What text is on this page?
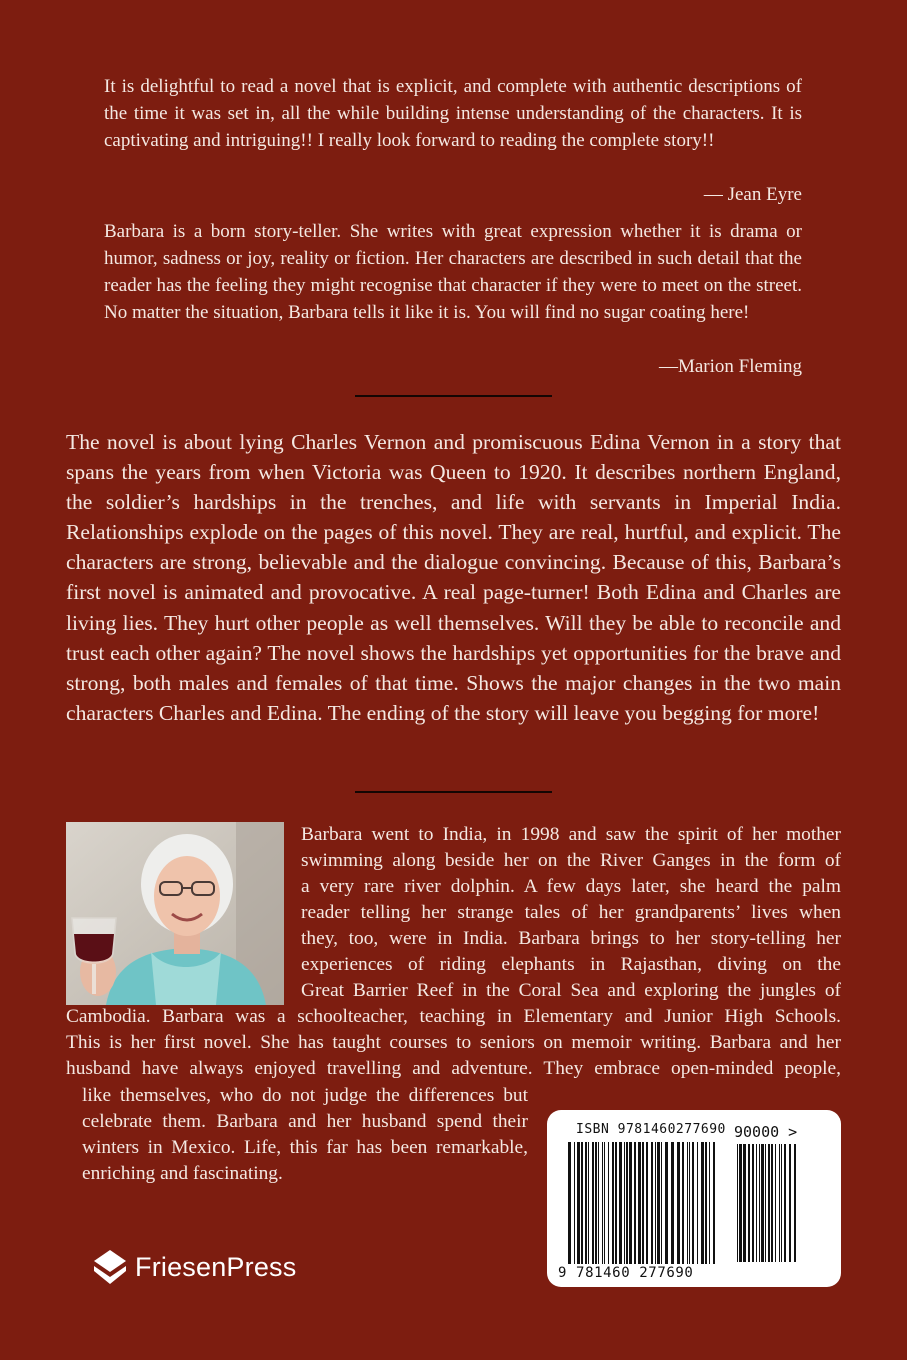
It is delightful to read a novel that is explicit, and complete with authentic descriptions of the time it was set in, all the while building intense understanding of the characters. It is captivating and intriguing!! I really look forward to reading the complete story!!

— Jean Eyre

Barbara is a born story-teller. She writes with great expression whether it is drama or humor, sadness or joy, reality or fiction. Her characters are described in such detail that the reader has the feeling they might recognise that character if they were to meet on the street. No matter the situation, Barbara tells it like it is. You will find no sugar coating here!

—Marion Fleming

The novel is about lying Charles Vernon and promiscuous Edina Vernon in a story that spans the years from when Victoria was Queen to 1920. It describes northern England, the soldier’s hardships in the trenches, and life with servants in Imperial India. Relationships explode on the pages of this novel. They are real, hurtful, and explicit. The characters are strong, believable and the dialogue convincing. Because of this, Barbara’s first novel is animated and provocative. A real page-turner! Both Edina and Charles are living lies. They hurt other people as well themselves. Will they be able to reconcile and trust each other again? The novel shows the hardships yet opportunities for the brave and strong, both males and females of that time. Shows the major changes in the two main characters Charles and Edina. The ending of the story will leave you begging for more!

Barbara went to India, in 1998 and saw the spirit of her mother

swimming along beside her on the River Ganges in the form of

a very rare river dolphin. A few days later, she heard the palm

reader telling her strange tales of her grandparents’ lives when

they, too, were in India. Barbara brings to her story-telling her

experiences of riding elephants in Rajasthan, diving on the

Great Barrier Reef in the Coral Sea and exploring the jungles of

Cambodia. Barbara was a schoolteacher, teaching in Elementary and Junior High Schools.

This is her first novel. She has taught courses to seniors on memoir writing. Barbara and her

husband have always enjoyed travelling and adventure. They embrace open-minded people,

like themselves, who do not judge the differences but

celebrate them. Barbara and her husband spend their

winters in Mexico. Life, this far has been remarkable,

enriching and fascinating.

ISBN 9781460277690 90000 >
9 781460 277690
FriesenPress
